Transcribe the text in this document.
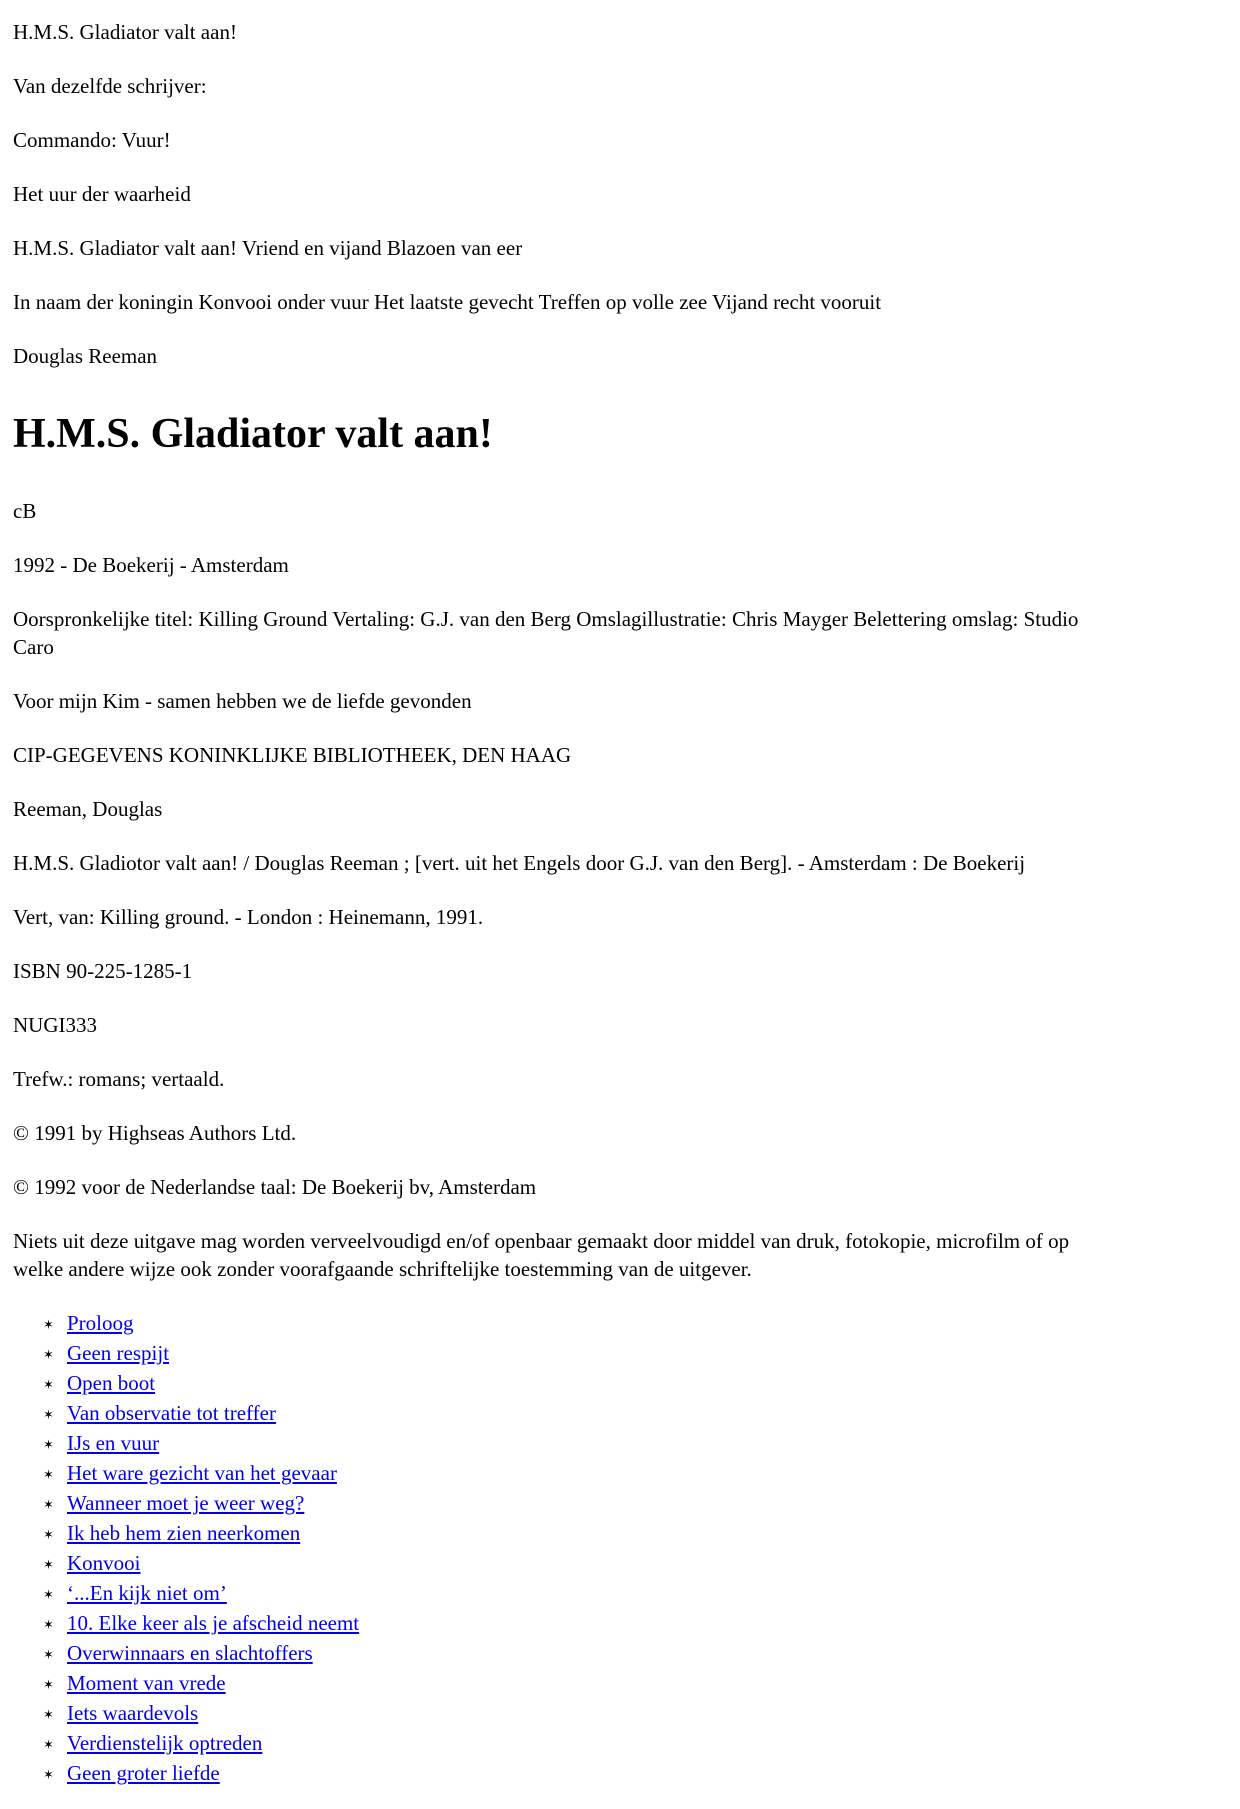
H.M.S. Gladiator valt aan!

Van dezelfde schrijver:

Commando: Vuur!

Het uur der waarheid

H.M.S. Gladiator valt aan! Vriend en vijand Blazoen van eer

In naam der koningin Konvooi onder vuur Het laatste gevecht Treffen op volle zee Vijand recht vooruit

Douglas Reeman

H.M.S. Gladiator valt aan!

cB

1992 - De Boekerij - Amsterdam

Oorspronkelijke titel: Killing Ground Vertaling: G.J. van den Berg Omslagillustratie: Chris Mayger Belettering omslag: Studio Caro

Voor mijn Kim - samen hebben we de liefde gevonden

CIP-GEGEVENS KONINKLIJKE BIBLIOTHEEK, DEN HAAG

Reeman, Douglas

H.M.S. Gladiotor valt aan! / Douglas Reeman ; [vert. uit het Engels door G.J. van den Berg]. - Amsterdam : De Boekerij

Vert, van: Killing ground. - London : Heinemann, 1991.

ISBN 90-225-1285-1

NUGI333

Trefw.: romans; vertaald.

© 1991 by Highseas Authors Ltd.

© 1992 voor de Nederlandse taal: De Boekerij bv, Amsterdam

Niets uit deze uitgave mag worden verveelvoudigd en/of openbaar gemaakt door middel van druk, fotokopie, microfilm of op welke andere wijze ook zonder voorafgaande schriftelijke toestemming van de uitgever.

✶ Proloog
✶ Geen respijt
✶ Open boot
✶ Van observatie tot treffer
✶ IJs en vuur
✶ Het ware gezicht van het gevaar
✶ Wanneer moet je weer weg?
✶ Ik heb hem zien neerkomen
✶ Konvooi
✶ ‘...En kijk niet om’
✶ 10. Elke keer als je afscheid neemt
✶ Overwinnaars en slachtoffers
✶ Moment van vrede
✶ Iets waardevols
✶ Verdienstelijk optreden
✶ Geen groter liefde
